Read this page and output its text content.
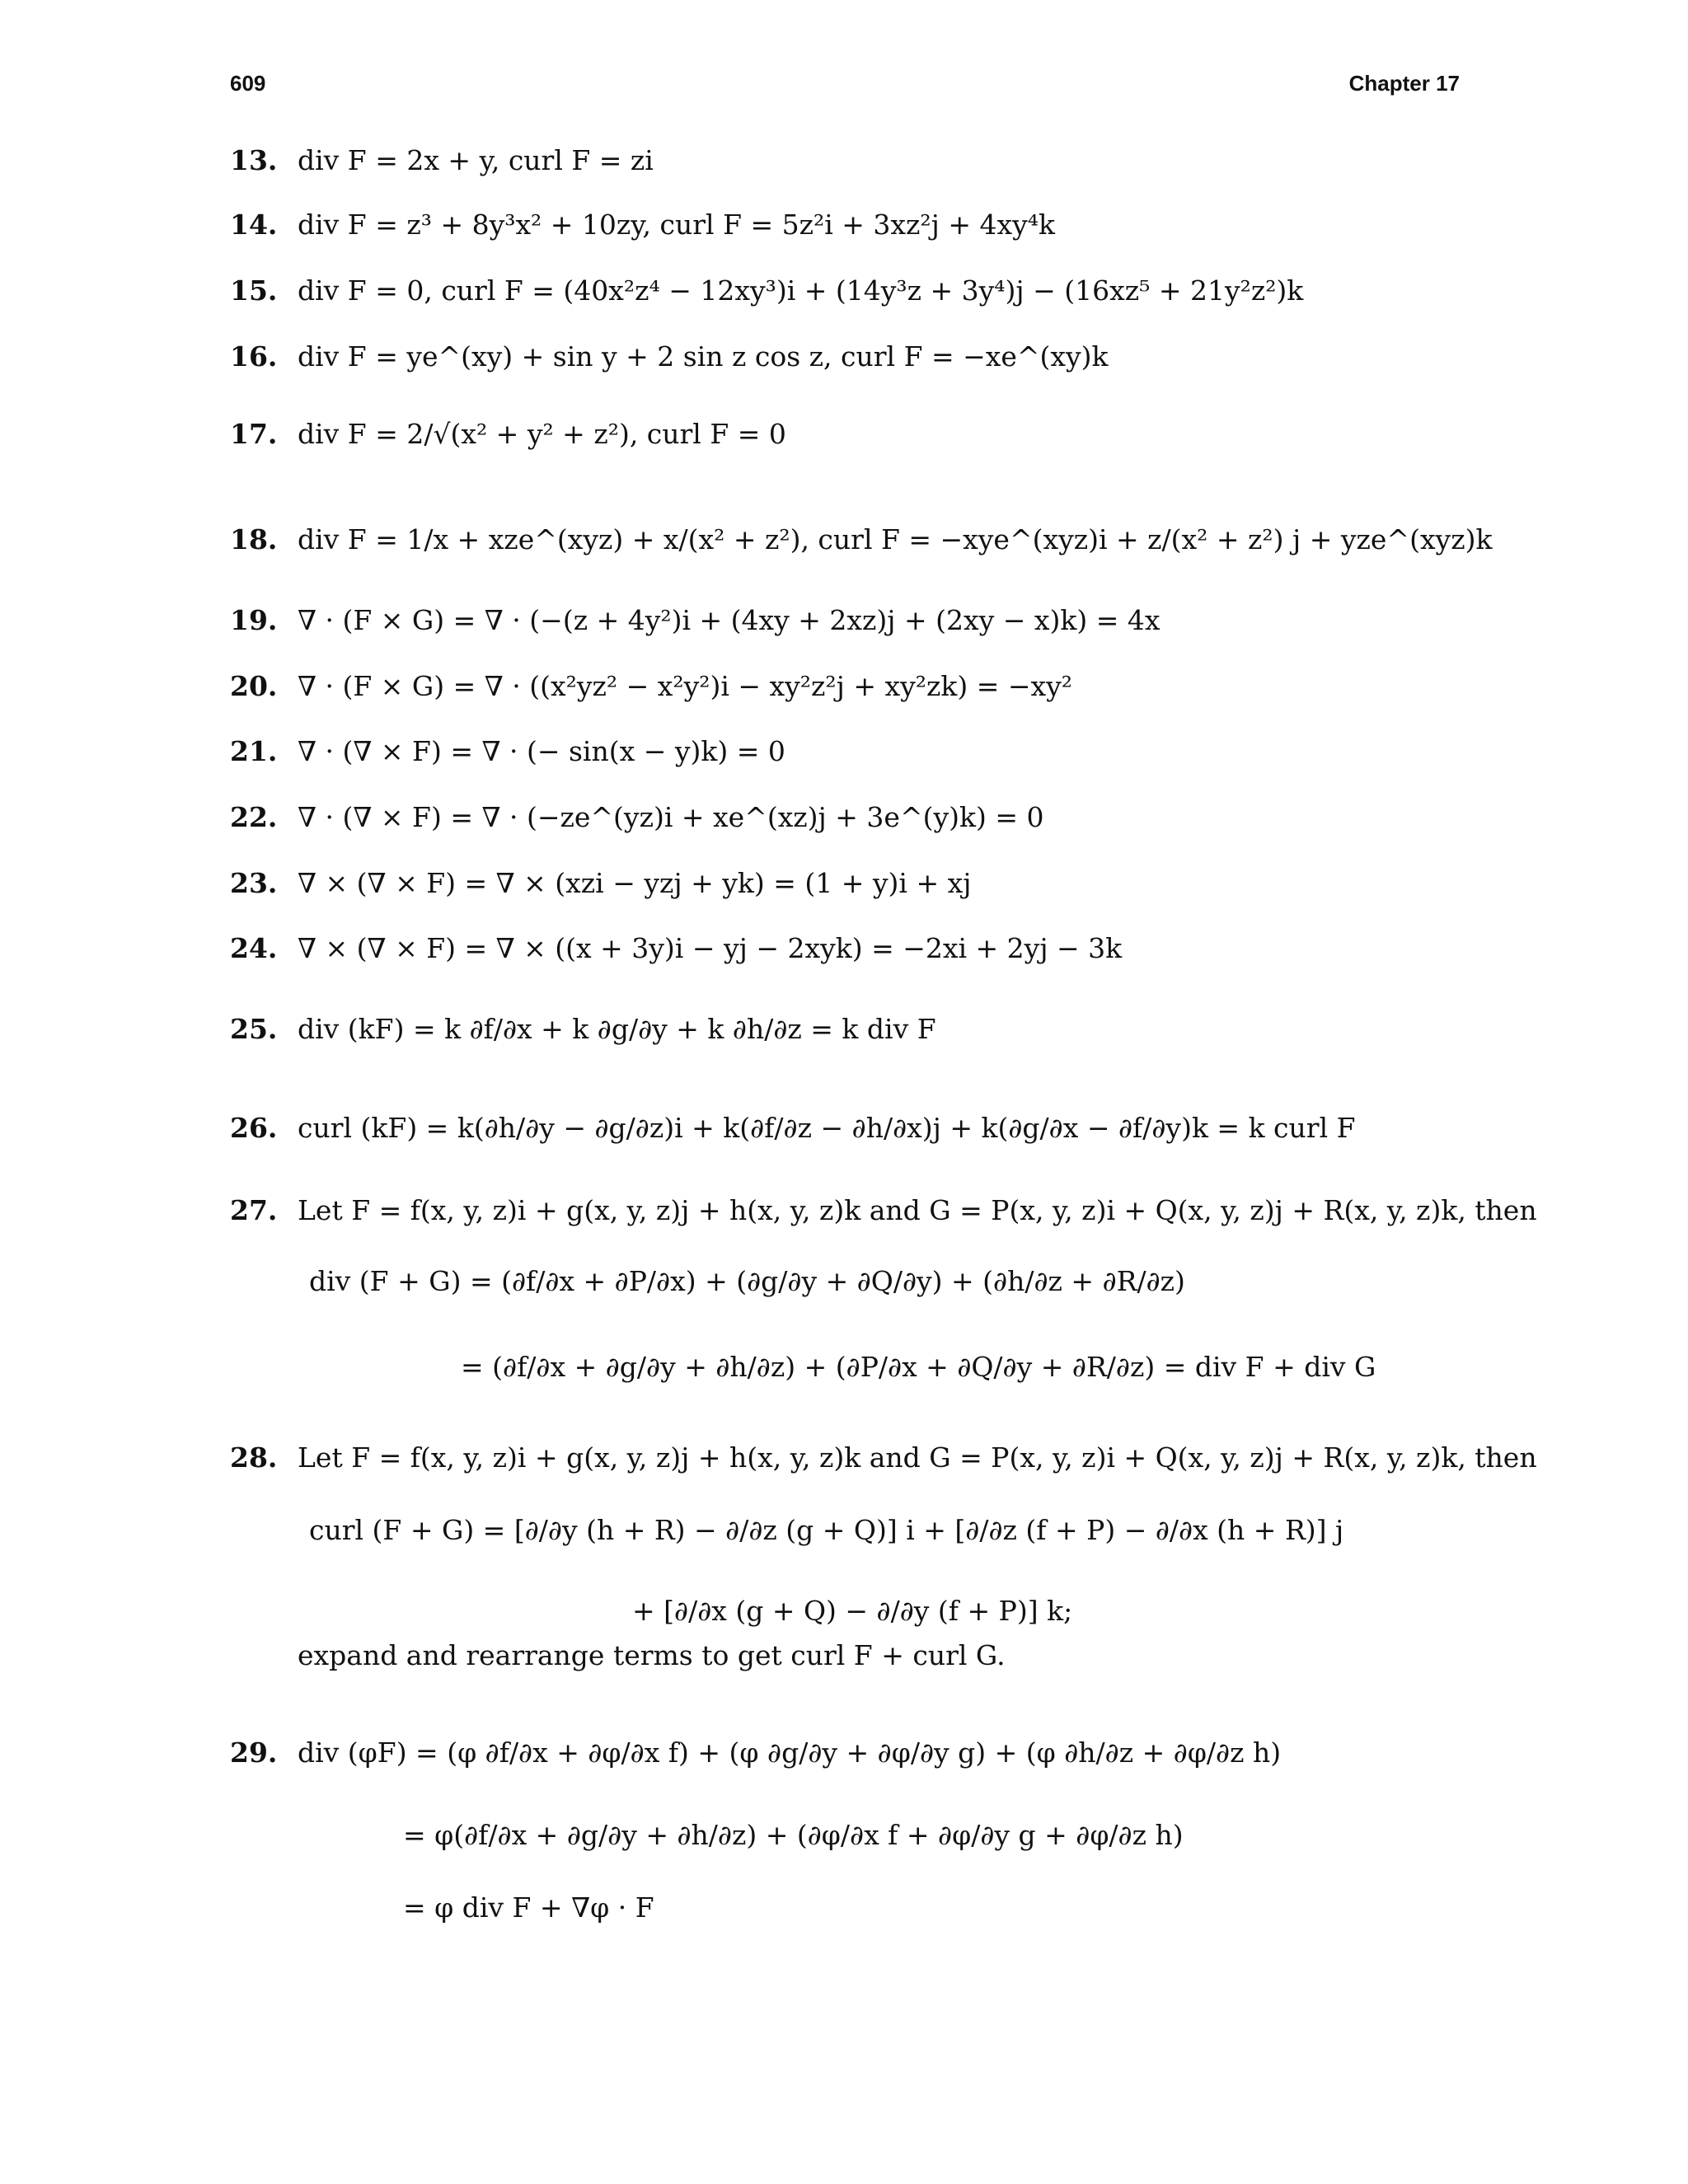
609	Chapter 17
13. div F = 2x + y, curl F = zi
14. div F = z³ + 8y³x² + 10zy, curl F = 5z²i + 3xz²j + 4xy⁴k
15. div F = 0, curl F = (40x²z⁴ − 12xy³)i + (14y³z + 3y⁴)j − (16xz⁵ + 21y²z²)k
16. div F = ye^(xy) + sin y + 2 sin z cos z, curl F = −xe^(xy)k
17. div F = 2/√(x² + y² + z²), curl F = 0
18. div F = 1/x + xze^(xyz) + x/(x² + z²), curl F = −xye^(xyz)i + z/(x² + z²) j + yze^(xyz)k
19. ∇ · (F × G) = ∇ · (−(z + 4y²)i + (4xy + 2xz)j + (2xy − x)k) = 4x
20. ∇ · (F × G) = ∇ · ((x²yz² − x²y²)i − xy²z²j + xy²zk) = −xy²
21. ∇ · (∇ × F) = ∇ · (− sin(x − y)k) = 0
22. ∇ · (∇ × F) = ∇ · (−ze^(yz)i + xe^(xz)j + 3e^(y)k) = 0
23. ∇ × (∇ × F) = ∇ × (xzi − yzj + yk) = (1 + y)i + xj
24. ∇ × (∇ × F) = ∇ × ((x + 3y)i − yj − 2xyk) = −2xi + 2yj − 3k
25. div (kF) = k ∂f/∂x + k ∂g/∂y + k ∂h/∂z = k div F
26. curl (kF) = k(∂h/∂y − ∂g/∂z)i + k(∂f/∂z − ∂h/∂x)j + k(∂g/∂x − ∂f/∂y)k = k curl F
27. Let F = f(x, y, z)i + g(x, y, z)j + h(x, y, z)k and G = P(x, y, z)i + Q(x, y, z)j + R(x, y, z)k, then
div (F + G) = (∂f/∂x + ∂P/∂x) + (∂g/∂y + ∂Q/∂y) + (∂h/∂z + ∂R/∂z)
= (∂f/∂x + ∂g/∂y + ∂h/∂z) + (∂P/∂x + ∂Q/∂y + ∂R/∂z) = div F + div G
28. Let F = f(x, y, z)i + g(x, y, z)j + h(x, y, z)k and G = P(x, y, z)i + Q(x, y, z)j + R(x, y, z)k, then
curl (F + G) = [∂/∂y (h + R) − ∂/∂z (g + Q)] i + [∂/∂z (f + P) − ∂/∂x (h + R)] j
+ [∂/∂x (g + Q) − ∂/∂y (f + P)] k;
expand and rearrange terms to get curl F + curl G.
29. div (φF) = (φ ∂f/∂x + ∂φ/∂x f) + (φ ∂g/∂y + ∂φ/∂y g) + (φ ∂h/∂z + ∂φ/∂z h)
= φ(∂f/∂x + ∂g/∂y + ∂h/∂z) + (∂φ/∂x f + ∂φ/∂y g + ∂φ/∂z h)
= φ div F + ∇φ · F
